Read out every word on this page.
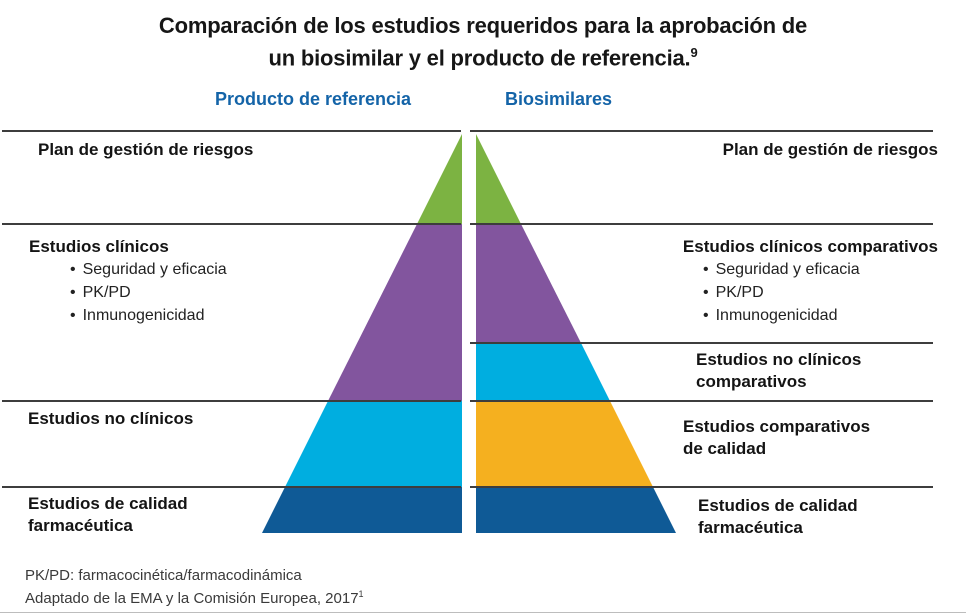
Comparación de los estudios requeridos para la aprobación de
un biosimilar y el producto de referencia.$^9$
Producto de referencia	Biosimilares
Plan de gestión de riesgos
Estudios clínicos
• Seguridad y eficacia
• PK/PD
• Inmunogenicidad
Estudios no clínicos
Estudios de calidad
farmacéutica
Plan de gestión de riesgos
Estudios clínicos comparativos
• Seguridad y eficacia
• PK/PD
• Inmunogenicidad
Estudios no clínicos
comparativos
Estudios comparativos
de calidad
Estudios de calidad
farmacéutica
PK/PD: farmacocinética/farmacodinámica
Adaptado de la EMA y la Comisión Europea, 2017$^1$
